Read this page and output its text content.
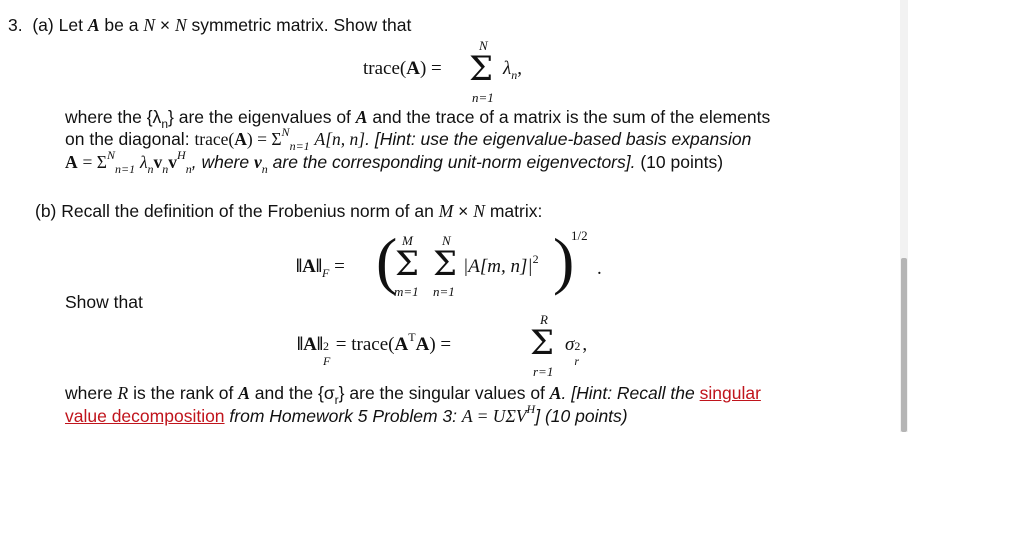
3. (a) Let A be a N × N symmetric matrix. Show that
trace(A) =
N
Σ
n=1
$\lambda_n$,
where the $\{\lambda_n\}$ are the eigenvalues of A and the trace of a matrix is the sum of the elements
on the diagonal: trace(A) = $\Sigma^N_{n=1}$ A[n, n]. [Hint: use the eigenvalue-based basis expansion
$A = \Sigma^N_{n=1}$ $\lambda_nv_nv^H_n$, where $v_n$ are the corresponding unit-norm eigenvectors]. (10 points)
(b) Recall the definition of the Frobenius norm of an M × N matrix:
$‖A‖_F$ = ( M
Σ
m=1
N
Σ
n=1
|A[m, $n]|^2$ )
1/2
.
Show that
‖A‖ 2
F
= $trace(A^TA)$ =
R
Σ
r=1
σ 2
r
,
where R is the rank of A and the $\{\sigma_r\}$ are the singular values of A. [Hint: Recall the singular
value decomposition from Homework 5 Problem 3: $A = U\Sigma V^H$] (10 points)
